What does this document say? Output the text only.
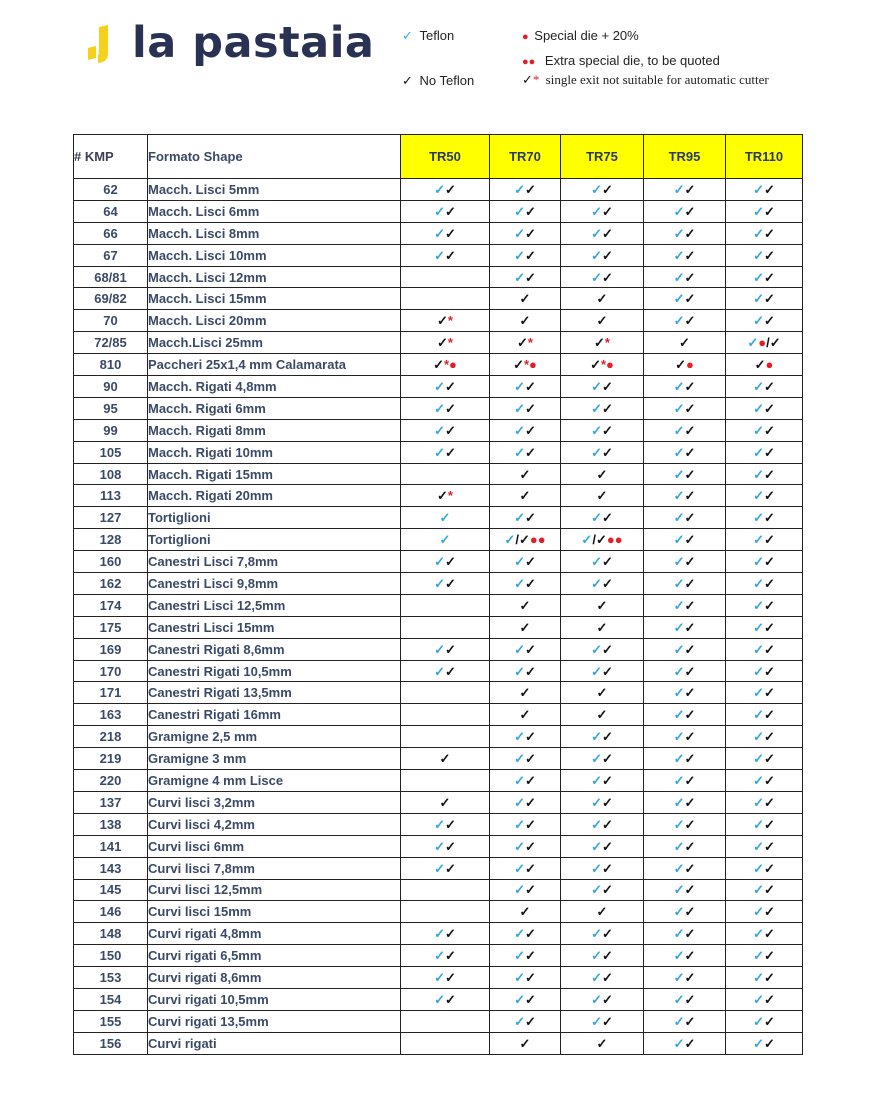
la pastaia ✓ Teflon
✓ No Teflon
● Special die + 20%
●● Extra special die, to be quoted
✓* single exit not suitable for automatic cutter
# KMP	Formato Shape	TR50	TR70	TR75	TR95	TR110
62	Macch. Lisci 5mm	✓✓	✓✓	✓✓	✓✓	✓✓
64	Macch. Lisci 6mm	✓✓	✓✓	✓✓	✓✓	✓✓
66	Macch. Lisci 8mm	✓✓	✓✓	✓✓	✓✓	✓✓
67	Macch. Lisci 10mm	✓✓	✓✓	✓✓	✓✓	✓✓
68/81	Macch. Lisci 12mm		✓✓	✓✓	✓✓	✓✓
69/82	Macch. Lisci 15mm		✓	✓	✓✓	✓✓
70	Macch. Lisci 20mm	✓*	✓	✓	✓✓	✓✓
72/85	Macch.Lisci 25mm	✓*	✓*	✓*	✓	✓●/✓
810	Paccheri 25x1,4 mm Calamarata	✓*●	✓*●	✓*●	✓●	✓●
90	Macch. Rigati 4,8mm	✓✓	✓✓	✓✓	✓✓	✓✓
95	Macch. Rigati 6mm	✓✓	✓✓	✓✓	✓✓	✓✓
99	Macch. Rigati 8mm	✓✓	✓✓	✓✓	✓✓	✓✓
105	Macch. Rigati 10mm	✓✓	✓✓	✓✓	✓✓	✓✓
108	Macch. Rigati 15mm		✓	✓	✓✓	✓✓
113	Macch. Rigati 20mm	✓*	✓	✓	✓✓	✓✓
127	Tortiglioni	✓	✓✓	✓✓	✓✓	✓✓
128	Tortiglioni	✓	✓/✓●●	✓/✓●●	✓✓	✓✓
160	Canestri Lisci 7,8mm	✓✓	✓✓	✓✓	✓✓	✓✓
162	Canestri Lisci 9,8mm	✓✓	✓✓	✓✓	✓✓	✓✓
174	Canestri Lisci 12,5mm		✓	✓	✓✓	✓✓
175	Canestri Lisci 15mm		✓	✓	✓✓	✓✓
169	Canestri Rigati 8,6mm	✓✓	✓✓	✓✓	✓✓	✓✓
170	Canestri Rigati 10,5mm	✓✓	✓✓	✓✓	✓✓	✓✓
171	Canestri Rigati 13,5mm		✓	✓	✓✓	✓✓
163	Canestri Rigati 16mm		✓	✓	✓✓	✓✓
218	Gramigne 2,5 mm		✓✓	✓✓	✓✓	✓✓
219	Gramigne 3 mm	✓	✓✓	✓✓	✓✓	✓✓
220	Gramigne 4 mm Lisce		✓✓	✓✓	✓✓	✓✓
137	Curvi lisci 3,2mm	✓	✓✓	✓✓	✓✓	✓✓
138	Curvi lisci 4,2mm	✓✓	✓✓	✓✓	✓✓	✓✓
141	Curvi lisci 6mm	✓✓	✓✓	✓✓	✓✓	✓✓
143	Curvi lisci 7,8mm	✓✓	✓✓	✓✓	✓✓	✓✓
145	Curvi lisci 12,5mm		✓✓	✓✓	✓✓	✓✓
146	Curvi lisci 15mm		✓	✓	✓✓	✓✓
148	Curvi rigati 4,8mm	✓✓	✓✓	✓✓	✓✓	✓✓
150	Curvi rigati 6,5mm	✓✓	✓✓	✓✓	✓✓	✓✓
153	Curvi rigati 8,6mm	✓✓	✓✓	✓✓	✓✓	✓✓
154	Curvi rigati 10,5mm	✓✓	✓✓	✓✓	✓✓	✓✓
155	Curvi rigati 13,5mm		✓✓	✓✓	✓✓	✓✓
156	Curvi rigati		✓	✓	✓✓	✓✓
